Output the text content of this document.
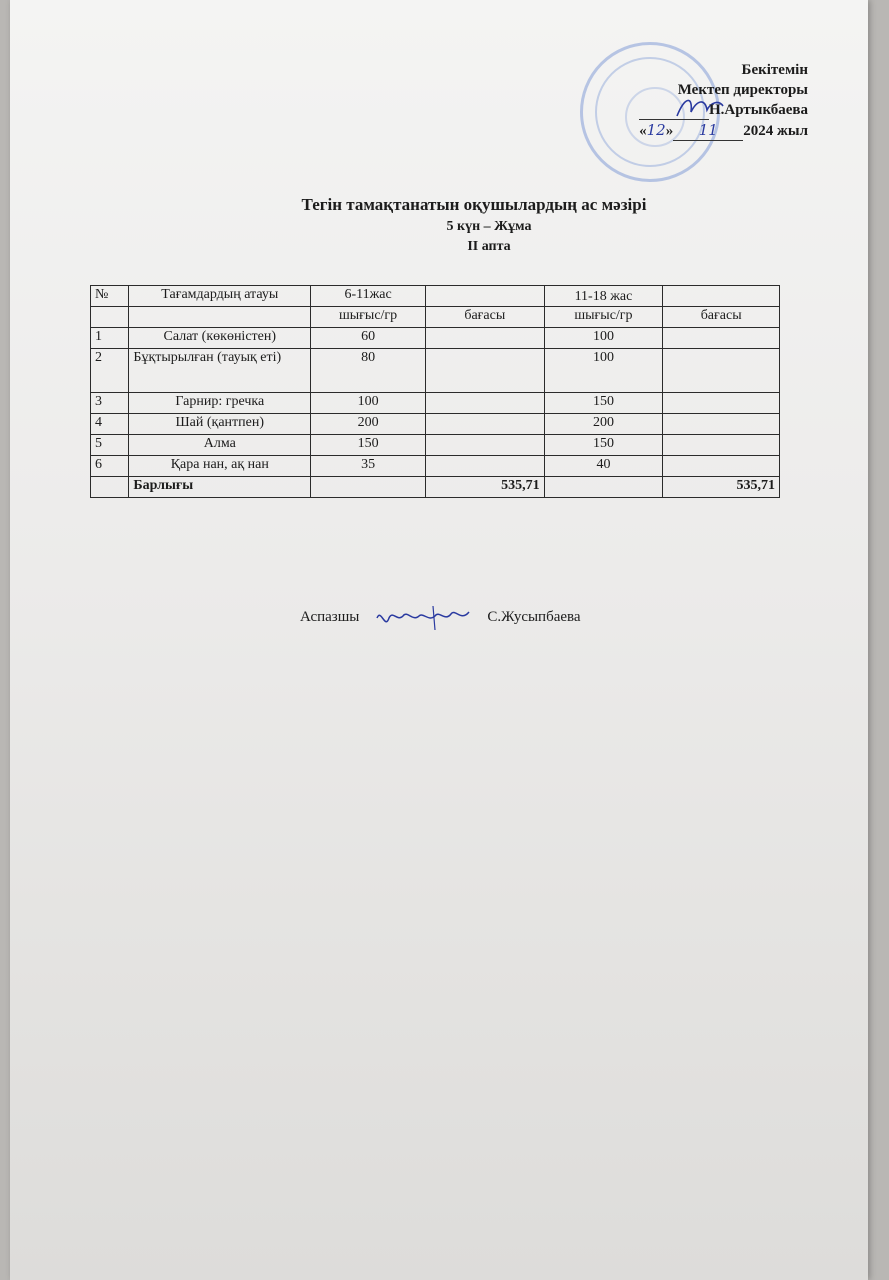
Бекітемін
Мектеп директоры
Н.Артыкбаева
«12» 11 2024 жыл
Тегін тамақтанатын оқушылардың ас мәзірі
5 күн – Жұма
ІІ апта
№	Тағамдардың атауы	6-11жас		11-18 жас	
		шығыс/гр	бағасы	шығыс/гр	бағасы
1	Салат (көкөністен)	60		100	
2	Бұқтырылған (тауық еті)	80		100	
3	Гарнир: гречка	100		150	
4	Шай (қантпен)	200		200	
5	Алма	150		150	
6	Қара нан, ақ нан	35		40	
	Барлығы		535,71		535,71
Аспазшы	С.Жусыпбаева
